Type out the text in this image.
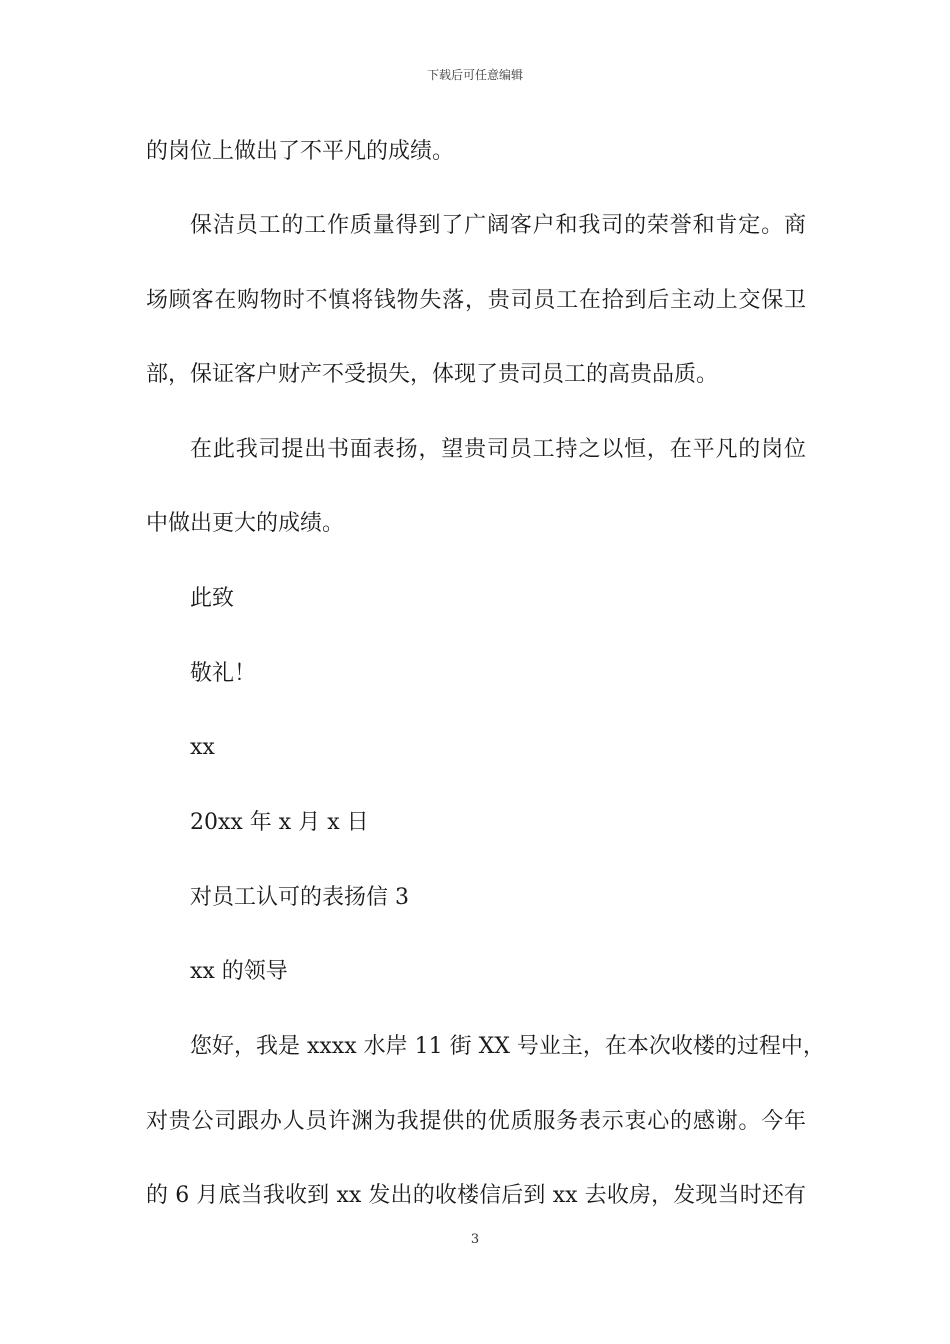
下载后可任意编辑
的岗位上做出了不平凡的成绩。
保洁员工的工作质量得到了广阔客户和我司的荣誉和肯定。商
场顾客在购物时不慎将钱物失落，贵司员工在拾到后主动上交保卫
部，保证客户财产不受损失，体现了贵司员工的高贵品质。
在此我司提出书面表扬，望贵司员工持之以恒，在平凡的岗位
中做出更大的成绩。
此致
敬礼！
xx
20xx 年 x 月 x 日
对员工认可的表扬信 3
xx 的领导
您好，我是 xxxx 水岸 11 街 XX 号业主，在本次收楼的过程中，
对贵公司跟办人员许渊为我提供的优质服务表示衷心的感谢。今年
的 6 月底当我收到 xx 发出的收楼信后到 xx 去收房，发现当时还有
3
